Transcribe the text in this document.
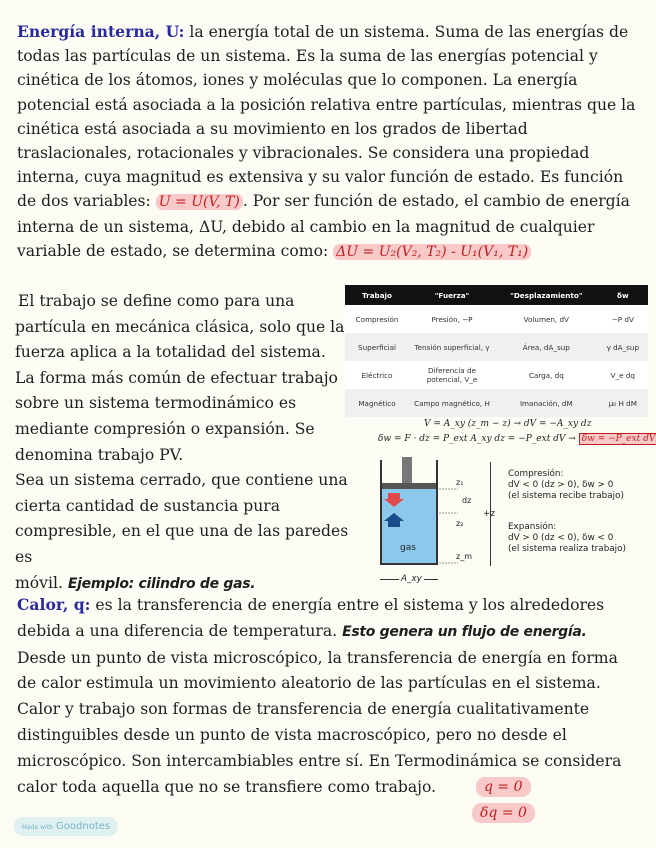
Energía interna, U: la energía total de un sistema. Suma de las energías de
todas las partículas de un sistema. Es la suma de las energías potencial y
cinética de los átomos, iones y moléculas que lo componen. La energía
potencial está asociada a la posición relativa entre partículas, mientras que la
cinética está asociada a su movimiento en los grados de libertad
traslacionales, rotacionales y vibracionales. Se considera una propiedad
interna, cuya magnitud es extensiva y su valor función de estado. Es función
de dos variables: U = U(V, T) . Por ser función de estado, el cambio de energía
interna de un sistema, ΔU, debido al cambio en la magnitud de cualquier
variable de estado, se determina como: ΔU = U₂(V₂, T₂) - U₁(V₁, T₁)
El trabajo se define como para una
partícula en mecánica clásica, solo que la
fuerza aplica a la totalidad del sistema.
La forma más común de efectuar trabajo
sobre un sistema termodinámico es
mediante compresión o expansión. Se
denomina trabajo PV.
Sea un sistema cerrado, que contiene una
cierta cantidad de sustancia pura
compresible, en el que una de las paredes es
móvil. Ejemplo: cilindro de gas.
Trabajo	"Fuerza"	"Desplazamiento"	δw
Compresión	Presión, −P	Volumen, dV	−P dV
Superficial	Tensión superficial, γ	Área, dA_sup	γ dA_sup
Eléctrico	Diferencia de potencial, V_e	Carga, dq	V_e dq
Magnético	Campo magnético, H	Imanación, dM	μ₀ H dM
V = A_xy (z_m − z) → dV = −A_xy dz
δw = F · dz = P_ext A_xy dz = −P_ext dV → δw = −P_ext dV
gas
z₁
dz
z₂
z_m
+z
A_xy
Compresión:
dV < 0 (dz > 0), δw > 0
(el sistema recibe trabajo)
Expansión:
dV > 0 (dz < 0), δw < 0
(el sistema realiza trabajo)
Calor, q: es la transferencia de energía entre el sistema y los alrededores
debida a una diferencia de temperatura. Esto genera un flujo de energía.
Desde un punto de vista microscópico, la transferencia de energía en forma
de calor estimula un movimiento aleatorio de las partículas en el sistema.
Calor y trabajo son formas de transferencia de energía cualitativamente
distinguibles desde un punto de vista macroscópico, pero no desde el
microscópico. Son intercambiables entre sí. En Termodinámica se considera
calor toda aquella que no se transfiere como trabajo.	q = 0
δq = 0
Made with Goodnotes
